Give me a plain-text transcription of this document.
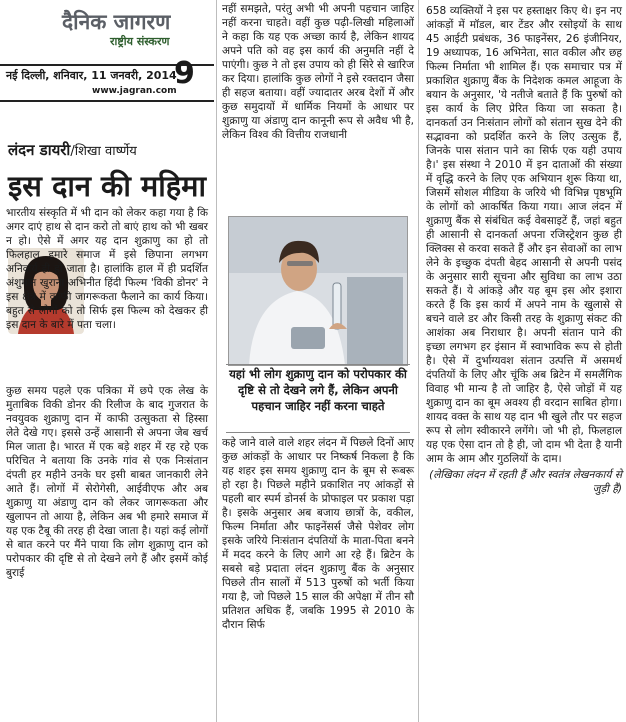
दैनिक जागरण
राष्ट्रीय संस्करण
नई दिल्ली, शनिवार, 11 जनवरी, 2014
9
www.jagran.com
लंदन डायरी/शिखा वार्ष्णेय
इस दान की महिमा

भारतीय संस्कृति में भी दान को लेकर कहा गया है कि अगर दाएं हाथ से दान करो तो बाएं हाथ को भी खबर न हो। ऐसे में अगर यह दान शुक्राणु का हो तो फिलहाल हमारे समाज में इसे छिपाना लगभग अनिवार्य ही हो जाता है। हालांकि हाल में ही प्रदर्शित अंशुमान खुराना अभिनीत हिंदी फिल्म 'विकी डोनर' ने इस क्षेत्र में काफी जागरूकता फैलाने का कार्य किया। बहुत से लोगों को तो सिर्फ इस फिल्म को देखकर ही इस दान के बारे में पता चला।

कुछ समय पहले एक पत्रिका में छपे एक लेख के मुताबिक विकी डोनर की रिलीज के बाद गुजरात के नवयुवक शुक्राणु दान में काफी उत्सुकता से हिस्सा लेते देखे गए। इससे उन्हें आसानी से अपना जेब खर्च मिल जाता है। भारत में एक बड़े शहर में रह रहे एक परिचित ने बताया कि उनके गांव से एक निःसंतान दंपती हर महीने उनके घर इसी बाबत जानकारी लेने आते हैं। लोगों में सेरोगेसी, आईवीएफ और अब शुक्राणु या अंडाणु दान को लेकर जागरूकता और खुलापन तो आया है, लेकिन अब भी हमारे समाज में यह एक टैबू की तरह ही देखा जाता है। यहां कई लोगों से बात करने पर मैंने पाया कि लोग शुक्राणु दान को परोपकार की दृष्टि से तो देखने लगे हैं और इसमें कोई बुराई

नहीं समझते, परंतु अभी भी अपनी पहचान जाहिर नहीं करना चाहते। वहीं कुछ पढ़ी-लिखी महिलाओं ने कहा कि यह एक अच्छा कार्य है, लेकिन शायद अपने पति को वह इस कार्य की अनुमति नहीं दे पाएंगी। कुछ ने तो इस उपाय को ही सिरे से खारिज कर दिया। हालांकि कुछ लोगों ने इसे रक्तदान जैसा ही सहज बताया। वहीं ज्यादातर अरब देशों में और कुछ समुदायों में धार्मिक नियमों के आधार पर शुक्राणु या अंडाणु दान कानूनी रूप से अवैध भी है, लेकिन विश्व की वित्तीय राजधानी

यहां भी लोग शुक्राणु दान को परोपकार की दृष्टि से तो देखने लगे हैं, लेकिन अपनी पहचान जाहिर नहीं करना चाहते

कहे जाने वाले वाले शहर लंदन में पिछले दिनों आए कुछ आंकड़ों के आधार पर निष्कर्ष निकला है कि यह शहर इस समय शुक्राणु दान के बूम से रूबरू हो रहा है। पिछले महीने प्रकाशित नए आंकड़ों से पहली बार स्पर्म डोनर्स के प्रोफाइल पर प्रकाश पड़ा है। इसके अनुसार अब बजाय छात्रों के, वकील, फिल्म निर्माता और फाइनेंसर्स जैसे पेशेवर लोग इसके जरिये निःसंतान दंपतियों के माता-पिता बनने में मदद करने के लिए आगे आ रहे हैं। ब्रिटेन के सबसे बड़े प्रदाता लंदन शुक्राणु बैंक के अनुसार पिछले तीन सालों में 513 पुरुषों को भर्ती किया गया है, जो पिछले 15 साल की अपेक्षा में तीन सौ प्रतिशत अधिक हैं, जबकि 1995 से 2010 के दौरान सिर्फ

658 व्यक्तियों ने इस पर हस्ताक्षर किए थे। इन नए आंकड़ों में मॉडल, बार टेंडर और रसोइयों के साथ 45 आईटी प्रबंधक, 36 फाइनेंसर, 26 इंजीनियर, 19 अध्यापक, 16 अभिनेता, सात वकील और छह फिल्म निर्माता भी शामिल हैं। एक समाचार पत्र में प्रकाशित शुक्राणु बैंक के निदेशक कमल आहूजा के बयान के अनुसार, 'ये नतीजे बताते हैं कि पुरुषों को इस कार्य के लिए प्रेरित किया जा सकता है। दानकर्ता उन निःसंतान लोगों को संतान सुख देने की सद्भावना को प्रदर्शित करने के लिए उत्सुक हैं, जिनके पास संतान पाने का सिर्फ एक यही उपाय है।' इस संस्था ने 2010 में इन दाताओं की संख्या में वृद्धि करने के लिए एक अभियान शुरू किया था, जिसमें सोशल मीडिया के जरिये भी विभिन्न पृष्ठभूमि के लोगों को आकर्षित किया गया। आज लंदन में शुक्राणु बैंक से संबंधित कई वेबसाइटें हैं, जहां बहुत ही आसानी से दानकर्ता अपना रजिस्ट्रेशन कुछ ही क्लिक्स से करवा सकते हैं और इन सेवाओं का लाभ लेने के इच्छुक दंपती बेहद आसानी से अपनी पसंद के अनुसार सारी सूचना और सुविधा का लाभ उठा सकते हैं। ये आंकड़े और यह बूम इस ओर इशारा करते हैं कि इस कार्य में अपने नाम के खुलासे से बचने वाले डर और किसी तरह के शुक्राणु संकट की आशंका अब निराधार है। अपनी संतान पाने की इच्छा लगभग हर इंसान में स्वाभाविक रूप से होती है। ऐसे में दुर्भाग्यवश संतान उत्पत्ति में असमर्थ दंपतियों के लिए और चूंकि अब ब्रिटेन में समलैंगिक विवाह भी मान्य है तो जाहिर है, ऐसे जोड़ों में यह शुक्राणु दान का बूम अवश्य ही वरदान साबित होगा। शायद वक्त के साथ यह दान भी खुले तौर पर सहज रूप से लोग स्वीकारने लगेंगे। जो भी हो, फिलहाल यह एक ऐसा दान तो है ही, जो दाम भी देता है यानी आम के आम और गुठलियों के दाम।

(लेखिका लंदन में रहती हैं और स्वतंत्र लेखनकार्य से जुड़ी हैं)
